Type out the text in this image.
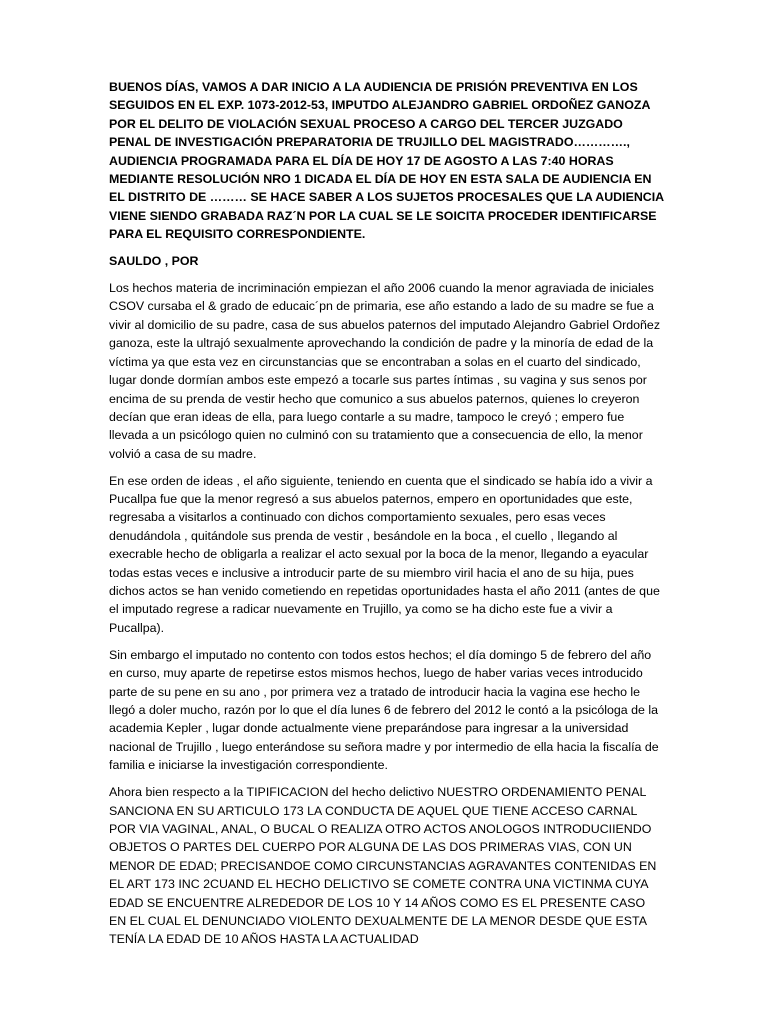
BUENOS DÍAS, VAMOS A DAR INICIO A LA AUDIENCIA DE PRISIÓN PREVENTIVA EN LOS SEGUIDOS EN EL EXP. 1073-2012-53, IMPUTDO ALEJANDRO GABRIEL ORDOÑEZ GANOZA POR EL DELITO DE VIOLACIÓN SEXUAL PROCESO A CARGO DEL TERCER JUZGADO PENAL DE INVESTIGACIÓN PREPARATORIA DE TRUJILLO DEL MAGISTRADO…………., AUDIENCIA PROGRAMADA PARA EL DÍA DE HOY 17 DE AGOSTO A LAS 7:40 HORAS MEDIANTE RESOLUCIÓN NRO 1 DICADA EL DÍA DE HOY EN ESTA SALA DE AUDIENCIA EN EL DISTRITO DE ……… SE HACE SABER A LOS SUJETOS PROCESALES QUE LA AUDIENCIA VIENE SIENDO GRABADA RAZ´N POR LA CUAL SE LE SOICITA PROCEDER IDENTIFICARSE PARA EL REQUISITO CORRESPONDIENTE.

SAULDO , POR

Los hechos materia de incriminación empiezan el año 2006 cuando la menor agraviada de iniciales CSOV cursaba el & grado de educaic´pn de primaria, ese año estando a lado de su madre se fue a vivir al domicilio de su padre, casa de sus abuelos paternos del imputado Alejandro Gabriel Ordoñez ganoza, este la ultrajó sexualmente aprovechando la condición de padre y la minoría de edad de la víctima ya que esta vez en circunstancias que se encontraban a solas en el cuarto del sindicado, lugar donde dormían ambos este empezó a tocarle sus partes íntimas , su vagina y sus senos por encima de su prenda de vestir hecho que comunico a sus abuelos paternos, quienes lo creyeron decían que eran ideas de ella, para luego contarle a su madre, tampoco le creyó ; empero fue llevada a un psicólogo quien no culminó con su tratamiento que a consecuencia de ello, la menor volvió a casa de su madre.

En ese orden de ideas , el año siguiente, teniendo en cuenta que el sindicado se había ido a vivir a Pucallpa fue que la menor regresó a sus abuelos paternos, empero en oportunidades que este, regresaba a visitarlos a continuado con dichos comportamiento sexuales, pero esas veces denudándola , quitándole sus prenda de vestir , besándole en la boca , el cuello , llegando al execrable hecho de obligarla a realizar el acto sexual por la boca de la menor, llegando a eyacular todas estas veces e inclusive a introducir parte de su miembro viril hacia el ano de su hija, pues dichos actos se han venido cometiendo en repetidas oportunidades hasta el año 2011 (antes de que el imputado regrese a radicar nuevamente en Trujillo, ya como se ha dicho este fue a vivir a Pucallpa).

Sin embargo el imputado no contento con todos estos hechos; el día domingo 5 de febrero del año en curso, muy aparte de repetirse estos mismos hechos, luego de haber varias veces introducido parte de su pene en su ano , por primera vez a tratado de introducir hacia la vagina ese hecho le llegó a doler mucho, razón por lo que el día lunes 6 de febrero del 2012 le contó a la psicóloga de la academia Kepler , lugar donde actualmente viene preparándose para ingresar a la universidad nacional de Trujillo , luego enterándose su señora madre y por intermedio de ella hacia la fiscalía de familia e iniciarse la investigación correspondiente.

Ahora bien respecto a la TIPIFICACION del hecho delictivo NUESTRO ORDENAMIENTO PENAL SANCIONA EN SU ARTICULO 173 LA CONDUCTA DE AQUEL QUE TIENE ACCESO CARNAL POR VIA VAGINAL, ANAL, O BUCAL O REALIZA OTRO ACTOS ANOLOGOS INTRODUCIIENDO OBJETOS O PARTES DEL CUERPO POR ALGUNA DE LAS DOS PRIMERAS VIAS, CON UN MENOR DE EDAD; PRECISANDOE COMO CIRCUNSTANCIAS AGRAVANTES CONTENIDAS EN EL ART 173 INC 2CUAND EL HECHO DELICTIVO SE COMETE CONTRA UNA VICTINMA CUYA EDAD SE ENCUENTRE ALREDEDOR DE LOS 10 Y 14 AÑOS COMO ES EL PRESENTE CASO EN EL CUAL EL DENUNCIADO VIOLENTO DEXUALMENTE DE LA MENOR DESDE QUE ESTA TENÍA LA EDAD DE 10 AÑOS HASTA LA ACTUALIDAD
